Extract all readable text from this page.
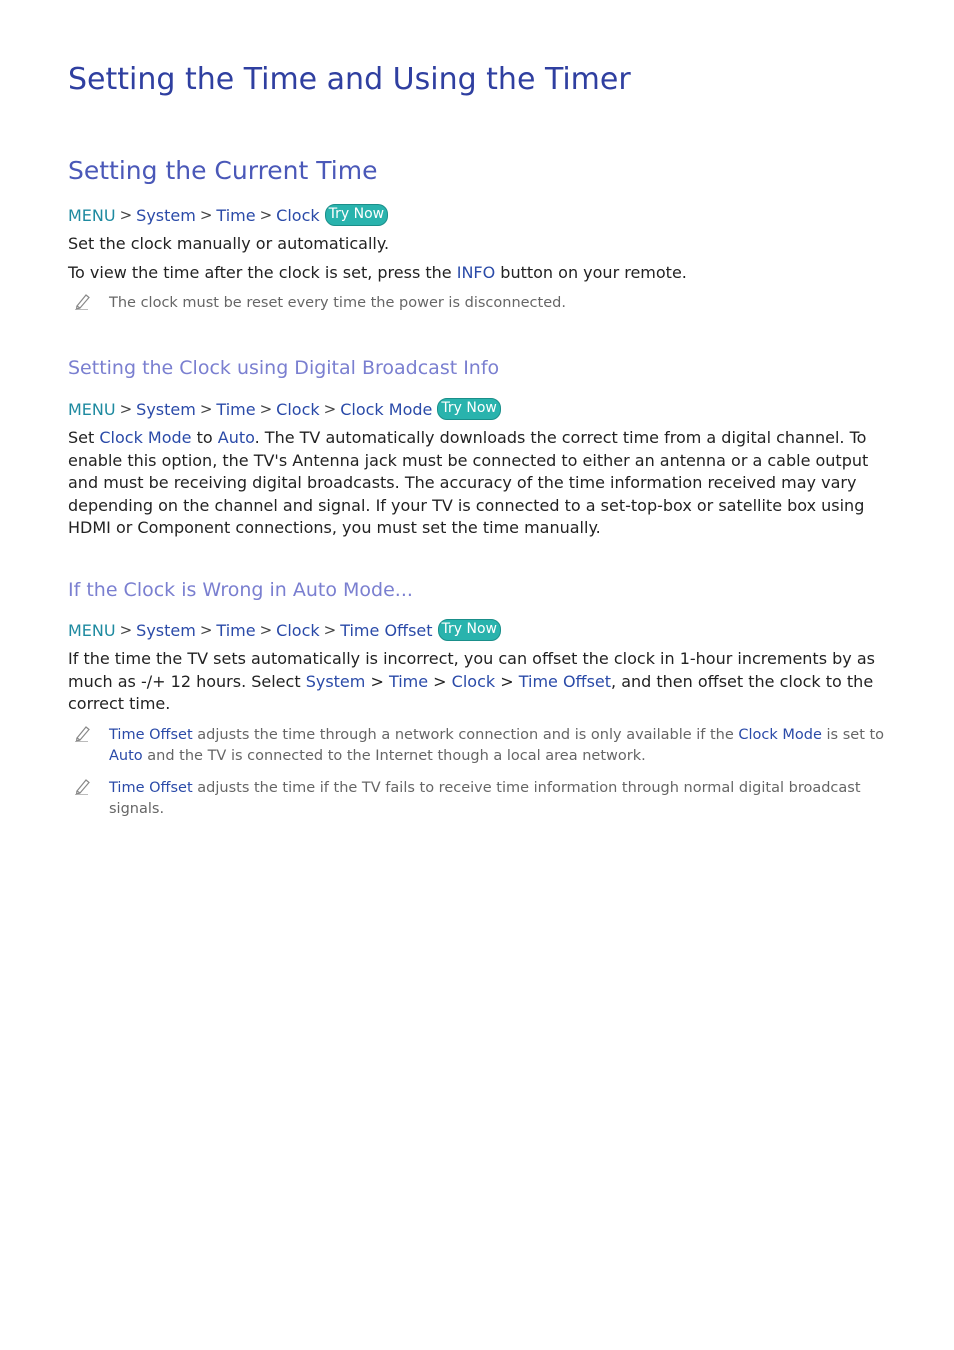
Setting the Time and Using the Timer
Setting the Current Time
MENU > System > Time > Clock Try Now
Set the clock manually or automatically.
To view the time after the clock is set, press the INFO button on your remote.
The clock must be reset every time the power is disconnected.
Setting the Clock using Digital Broadcast Info
MENU > System > Time > Clock > Clock Mode Try Now
Set Clock Mode to Auto. The TV automatically downloads the correct time from a digital channel. To enable this option, the TV's Antenna jack must be connected to either an antenna or a cable output and must be receiving digital broadcasts. The accuracy of the time information received may vary depending on the channel and signal. If your TV is connected to a set-top-box or satellite box using HDMI or Component connections, you must set the time manually.
If the Clock is Wrong in Auto Mode...
MENU > System > Time > Clock > Time Offset Try Now
If the time the TV sets automatically is incorrect, you can offset the clock in 1-hour increments by as much as -/+ 12 hours. Select System > Time > Clock > Time Offset, and then offset the clock to the correct time.
Time Offset adjusts the time through a network connection and is only available if the Clock Mode is set to Auto and the TV is connected to the Internet though a local area network.
Time Offset adjusts the time if the TV fails to receive time information through normal digital broadcast signals.
